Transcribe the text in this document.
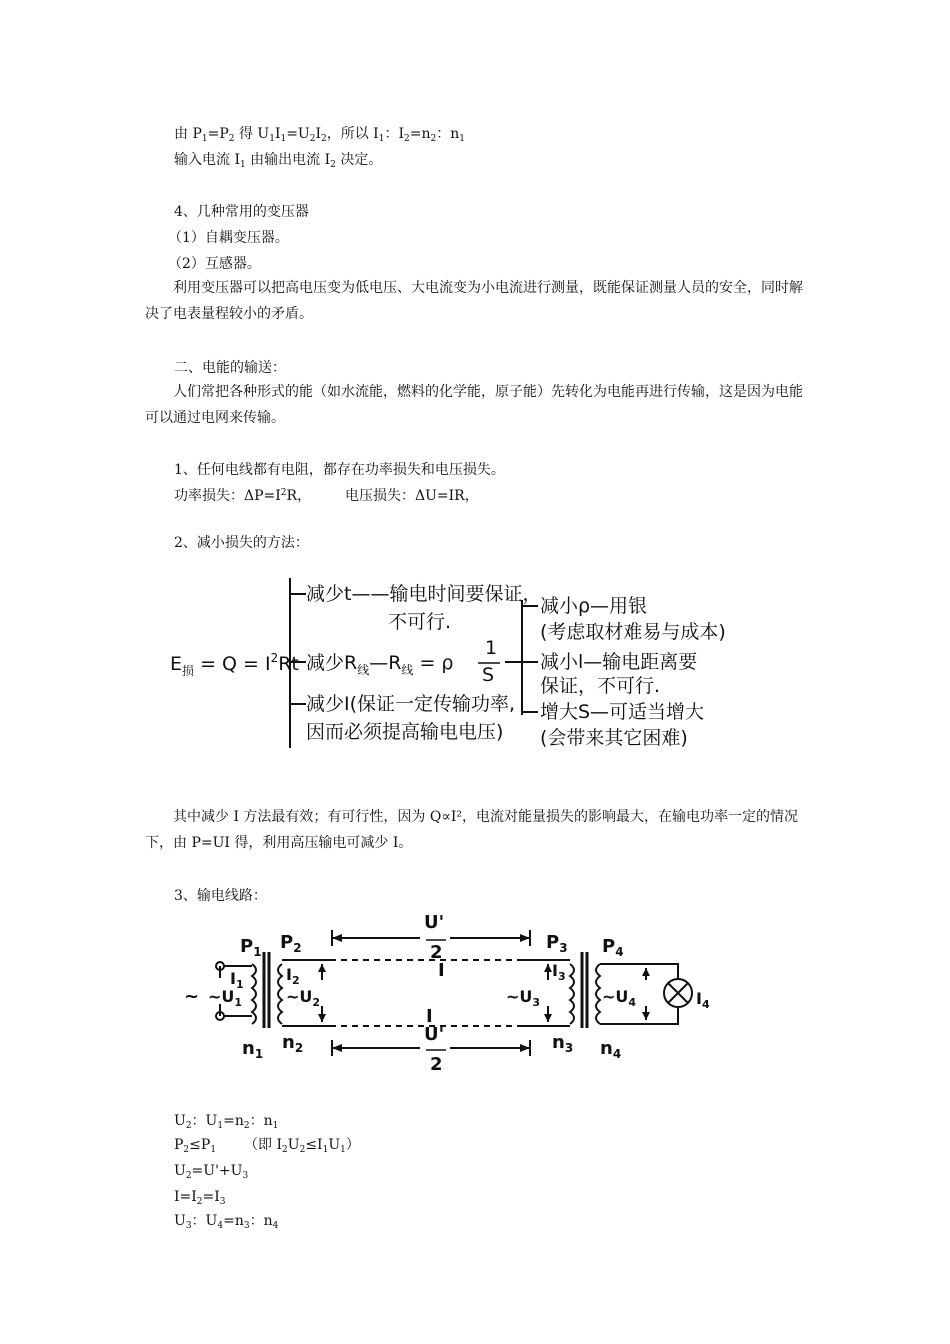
由 $P_1=P_2$ 得 $U_1I_1=U_2I_2$，所以 $I_1$：$I_2=n_2$：$n_1$
输入电流 $I_1$ 由输出电流 $I_2$ 决定。
4、几种常用的变压器
（1）自耦变压器。
（2）互感器。
利用变压器可以把高电压变为低电压、大电流变为小电流进行测量，既能保证测量人员的安全，同时解决了电表量程较小的矛盾。
二、电能的输送：
人们常把各种形式的能（如水流能，燃料的化学能，原子能）先转化为电能再进行传输，这是因为电能可以通过电网来传输。
1、任何电线都有电阻，都存在功率损失和电压损失。
功率损失：$\Delta P=I^2R$， 电压损失：ΔU=IR，
2、减小损失的方法：
$E_损 = Q = I^2Rt$
减少t——输电时间要保证，
不可行.
减少$R_线—R_线 = \rho$
1
S
减少I(保证一定传输功率,
因而必须提高输电电压)
减小ρ—用银
(考虑取材难易与成本)
减小l—输电距离要
保证，不可行.
增大S—可适当增大
(会带来其它困难)
其中减少 I 方法最有效；有可行性，因为 Q∝I²，电流对能量损失的影响最大，在输电功率一定的情况下，由 P=UI 得，利用高压输电可减少 I。
3、输电线路：
$P_1$ $P_2$	$P_3$ $P_4$
U'
2
U'
2
I
I
$I_1$
$I_2$
$I_3$
$I_4$
~ $\sim U_1$	$\sim U_2$	$\sim U_3$	$\sim U_4$
$n_1$
$n_2$	$n_3$ $n_4$
$U_2$：$U_1=n_2$：$n_1$
$P_2\le P_1$ （即 $I_2U_2\le I_1U_1$）
$U_2=U'+U_3$
$I=I_2=I_3$
$U_3$：$U_4=n_3$：$n_4$
